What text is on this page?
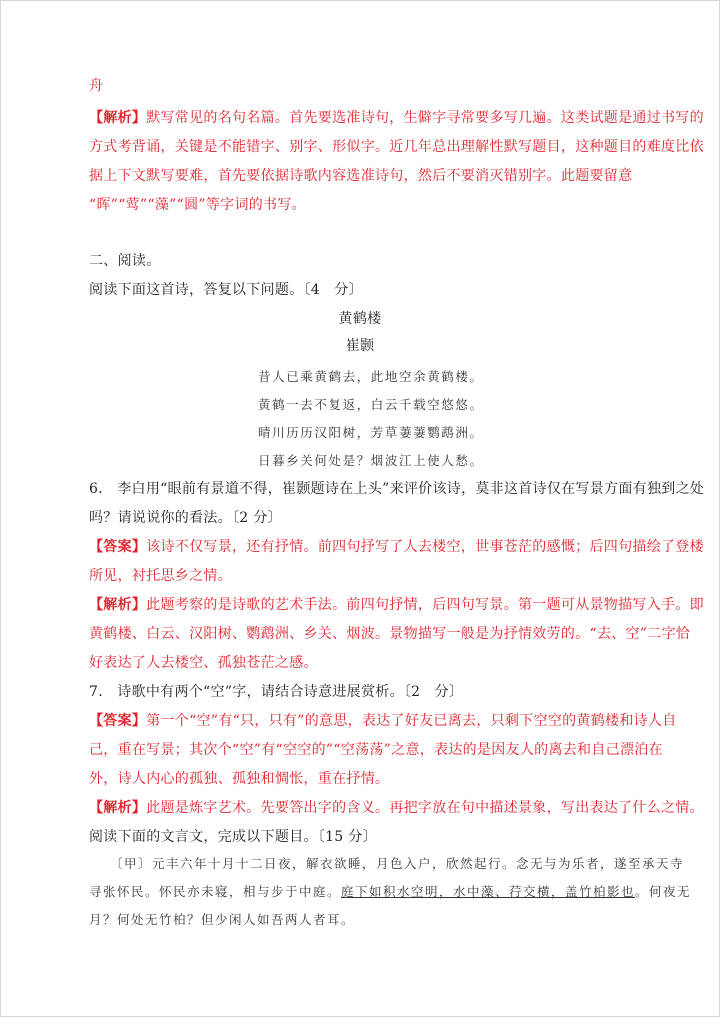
舟
【解析】默写常见的名句名篇。首先要选准诗句，生僻字寻常要多写几遍。这类试题是通过书写的
方式考背诵，关键是不能错字、别字、形似字。近几年总出理解性默写题目，这种题目的难度比依
据上下文默写要难，首先要依据诗歌内容选准诗句，然后不要消灭错别字。此题要留意
“晖”“莺”“藻”“圆”等字词的书写。
二、阅读。
阅读下面这首诗，答复以下问题。〔4　分〕
黄鹤楼
崔颢
昔人已乘黄鹤去，此地空余黄鹤楼。
黄鹤一去不复返，白云千载空悠悠。
晴川历历汉阳树，芳草萋萋鹦鹉洲。
日暮乡关何处是？烟波江上使人愁。
6.　李白用“眼前有景道不得，崔颢题诗在上头”来评价该诗，莫非这首诗仅在写景方面有独到之处
吗？请说说你的看法。〔2 分〕
【答案】该诗不仅写景，还有抒情。前四句抒写了人去楼空，世事苍茫的感慨；后四句描绘了登楼
所见，衬托思乡之情。
【解析】此题考察的是诗歌的艺术手法。前四句抒情，后四句写景。第一题可从景物描写入手。即
黄鹤楼、白云、汉阳树、鹦鹉洲、乡关、烟波。景物描写一般是为抒情效劳的。“去、空”二字恰
好表达了人去楼空、孤独苍茫之感。
7.　诗歌中有两个“空”字，请结合诗意进展赏析。〔2　分〕
【答案】第一个“空”有“只，只有”的意思，表达了好友已离去，只剩下空空的黄鹤楼和诗人自
己，重在写景；其次个“空”有“空空的”“空荡荡”之意，表达的是因友人的离去和自己漂泊在
外，诗人内心的孤独、孤独和惆怅，重在抒情。
【解析】此题是炼字艺术。先要答出字的含义。再把字放在句中描述景象，写出表达了什么之情。
阅读下面的文言文，完成以下题目。〔15 分〕
〔甲〕元丰六年十月十二日夜，解衣欲睡，月色入户，欣然起行。念无与为乐者，遂至承天寺
寻张怀民。怀民亦未寝，相与步于中庭。庭下如积水空明，水中藻、荇交横，盖竹柏影也。何夜无
月？何处无竹柏？但少闲人如吾两人者耳。
